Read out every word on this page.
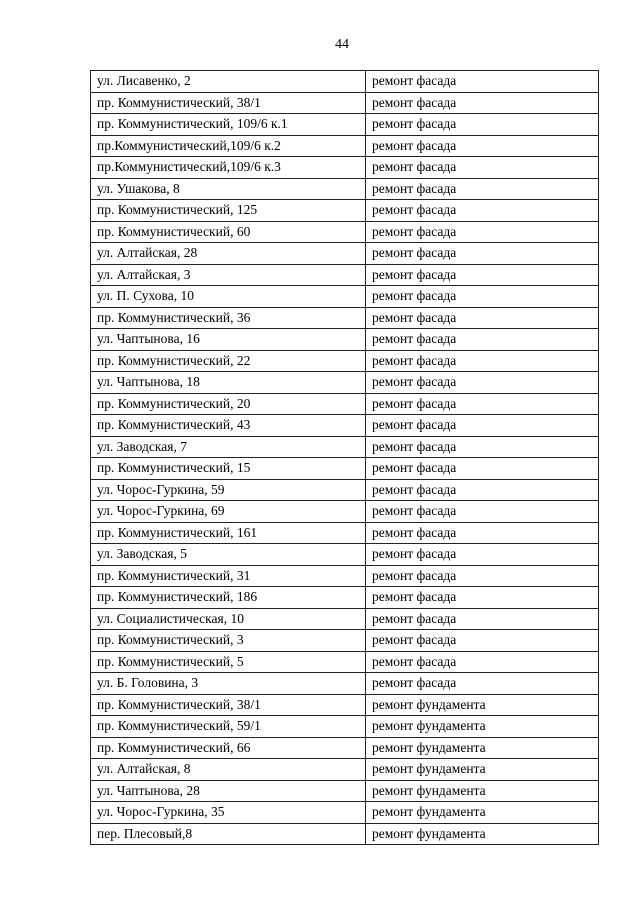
44
ул. Лисавенко, 2	ремонт фасада
пр. Коммунистический, 38/1	ремонт фасада
пр. Коммунистический, 109/6 к.1	ремонт фасада
пр.Коммунистический,109/6 к.2	ремонт фасада
пр.Коммунистический,109/6 к.3	ремонт фасада
ул. Ушакова, 8	ремонт фасада
пр. Коммунистический, 125	ремонт фасада
пр. Коммунистический, 60	ремонт фасада
ул. Алтайская, 28	ремонт фасада
ул. Алтайская, 3	ремонт фасада
ул. П. Сухова, 10	ремонт фасада
пр. Коммунистический, 36	ремонт фасада
ул. Чаптынова, 16	ремонт фасада
пр. Коммунистический, 22	ремонт фасада
ул. Чаптынова, 18	ремонт фасада
пр. Коммунистический, 20	ремонт фасада
пр. Коммунистический, 43	ремонт фасада
ул. Заводская, 7	ремонт фасада
пр. Коммунистический, 15	ремонт фасада
ул. Чорос-Гуркина, 59	ремонт фасада
ул. Чорос-Гуркина, 69	ремонт фасада
пр. Коммунистический, 161	ремонт фасада
ул. Заводская, 5	ремонт фасада
пр. Коммунистический, 31	ремонт фасада
пр. Коммунистический, 186	ремонт фасада
ул. Социалистическая, 10	ремонт фасада
пр. Коммунистический, 3	ремонт фасада
пр. Коммунистический, 5	ремонт фасада
ул. Б. Головина, 3	ремонт фасада
пр. Коммунистический, 38/1	ремонт фундамента
пр. Коммунистический, 59/1	ремонт фундамента
пр. Коммунистический, 66	ремонт фундамента
ул. Алтайская, 8	ремонт фундамента
ул. Чаптынова, 28	ремонт фундамента
ул. Чорос-Гуркина, 35	ремонт фундамента
пер. Плесовый,8	ремонт фундамента
